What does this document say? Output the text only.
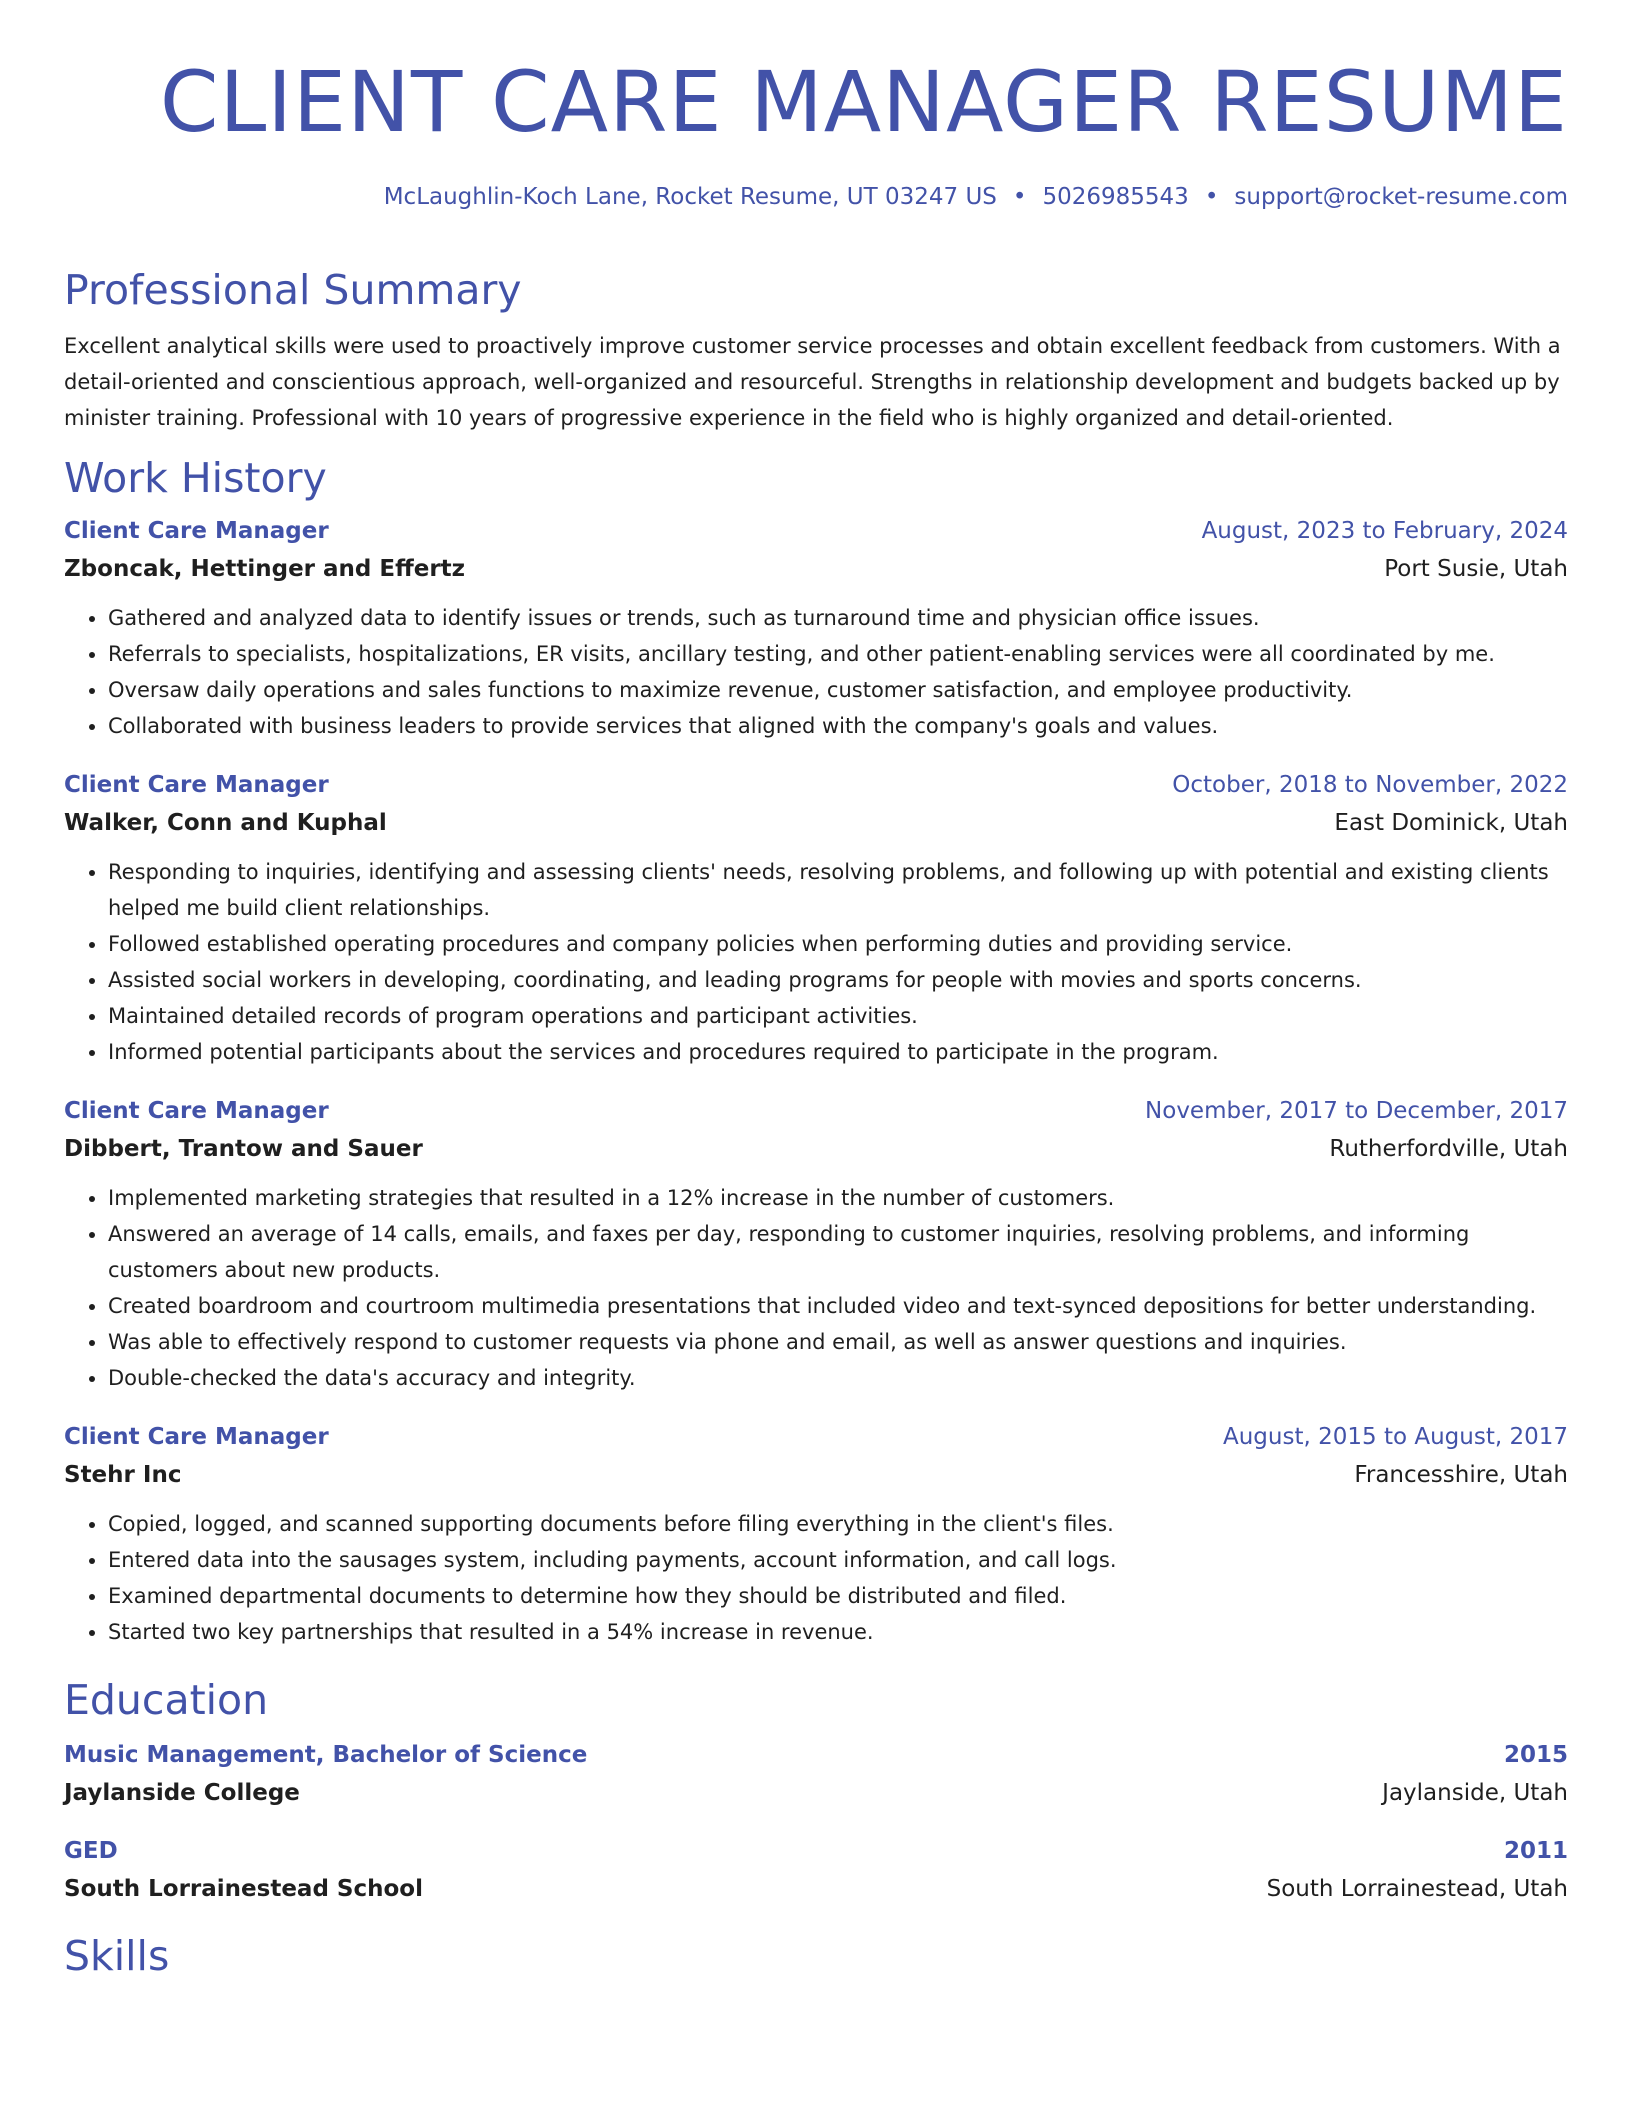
CLIENT CARE MANAGER RESUME
McLaughlin-Koch Lane, Rocket Resume, UT 03247 US • 5026985543 • support@rocket-resume.com
Professional Summary

Excellent analytical skills were used to proactively improve customer service processes and obtain excellent feedback from customers. With a detail-oriented and conscientious approach, well-organized and resourceful. Strengths in relationship development and budgets backed up by minister training. Professional with 10 years of progressive experience in the field who is highly organized and detail-oriented.

Work History
Client Care Manager	August, 2023 to February, 2024
Zboncak, Hettinger and Effertz	Port Susie, Utah
• Gathered and analyzed data to identify issues or trends, such as turnaround time and physician office issues.
• Referrals to specialists, hospitalizations, ER visits, ancillary testing, and other patient-enabling services were all coordinated by me.
• Oversaw daily operations and sales functions to maximize revenue, customer satisfaction, and employee productivity.
• Collaborated with business leaders to provide services that aligned with the company's goals and values.
Client Care Manager	October, 2018 to November, 2022
Walker, Conn and Kuphal	East Dominick, Utah
• Responding to inquiries, identifying and assessing clients' needs, resolving problems, and following up with potential and existing clients helped me build client relationships.
• Followed established operating procedures and company policies when performing duties and providing service.
• Assisted social workers in developing, coordinating, and leading programs for people with movies and sports concerns.
• Maintained detailed records of program operations and participant activities.
• Informed potential participants about the services and procedures required to participate in the program.
Client Care Manager	November, 2017 to December, 2017
Dibbert, Trantow and Sauer	Rutherfordville, Utah
• Implemented marketing strategies that resulted in a 12% increase in the number of customers.
• Answered an average of 14 calls, emails, and faxes per day, responding to customer inquiries, resolving problems, and informing customers about new products.
• Created boardroom and courtroom multimedia presentations that included video and text-synced depositions for better understanding.
• Was able to effectively respond to customer requests via phone and email, as well as answer questions and inquiries.
• Double-checked the data's accuracy and integrity.
Client Care Manager	August, 2015 to August, 2017
Stehr Inc	Francesshire, Utah
• Copied, logged, and scanned supporting documents before filing everything in the client's files.
• Entered data into the sausages system, including payments, account information, and call logs.
• Examined departmental documents to determine how they should be distributed and filed.
• Started two key partnerships that resulted in a 54% increase in revenue.
Education
Music Management, Bachelor of Science	2015
Jaylanside College	Jaylanside, Utah
GED	2011
South Lorrainestead School	South Lorrainestead, Utah
Skills
